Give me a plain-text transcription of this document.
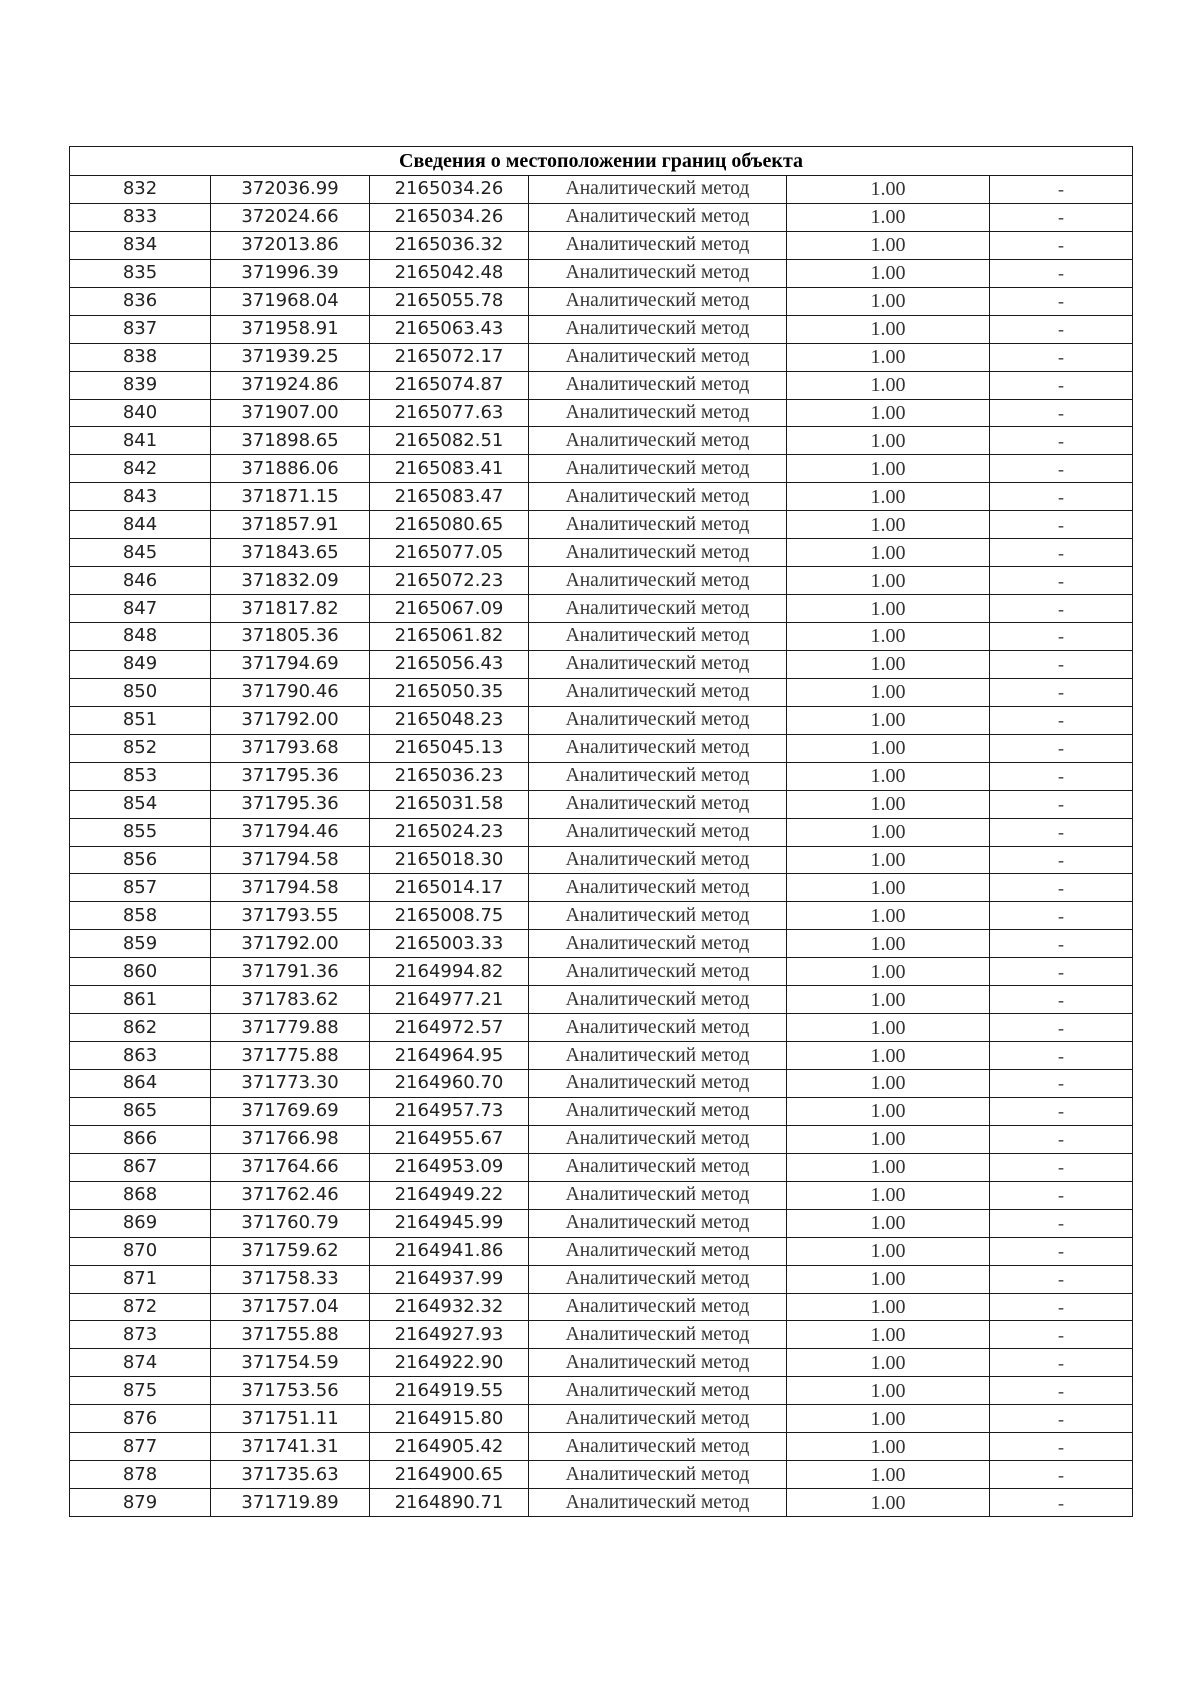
Сведения о местоположении границ объекта					
832	372036.99	2165034.26	Аналитический метод	1.00	-
833	372024.66	2165034.26	Аналитический метод	1.00	-
834	372013.86	2165036.32	Аналитический метод	1.00	-
835	371996.39	2165042.48	Аналитический метод	1.00	-
836	371968.04	2165055.78	Аналитический метод	1.00	-
837	371958.91	2165063.43	Аналитический метод	1.00	-
838	371939.25	2165072.17	Аналитический метод	1.00	-
839	371924.86	2165074.87	Аналитический метод	1.00	-
840	371907.00	2165077.63	Аналитический метод	1.00	-
841	371898.65	2165082.51	Аналитический метод	1.00	-
842	371886.06	2165083.41	Аналитический метод	1.00	-
843	371871.15	2165083.47	Аналитический метод	1.00	-
844	371857.91	2165080.65	Аналитический метод	1.00	-
845	371843.65	2165077.05	Аналитический метод	1.00	-
846	371832.09	2165072.23	Аналитический метод	1.00	-
847	371817.82	2165067.09	Аналитический метод	1.00	-
848	371805.36	2165061.82	Аналитический метод	1.00	-
849	371794.69	2165056.43	Аналитический метод	1.00	-
850	371790.46	2165050.35	Аналитический метод	1.00	-
851	371792.00	2165048.23	Аналитический метод	1.00	-
852	371793.68	2165045.13	Аналитический метод	1.00	-
853	371795.36	2165036.23	Аналитический метод	1.00	-
854	371795.36	2165031.58	Аналитический метод	1.00	-
855	371794.46	2165024.23	Аналитический метод	1.00	-
856	371794.58	2165018.30	Аналитический метод	1.00	-
857	371794.58	2165014.17	Аналитический метод	1.00	-
858	371793.55	2165008.75	Аналитический метод	1.00	-
859	371792.00	2165003.33	Аналитический метод	1.00	-
860	371791.36	2164994.82	Аналитический метод	1.00	-
861	371783.62	2164977.21	Аналитический метод	1.00	-
862	371779.88	2164972.57	Аналитический метод	1.00	-
863	371775.88	2164964.95	Аналитический метод	1.00	-
864	371773.30	2164960.70	Аналитический метод	1.00	-
865	371769.69	2164957.73	Аналитический метод	1.00	-
866	371766.98	2164955.67	Аналитический метод	1.00	-
867	371764.66	2164953.09	Аналитический метод	1.00	-
868	371762.46	2164949.22	Аналитический метод	1.00	-
869	371760.79	2164945.99	Аналитический метод	1.00	-
870	371759.62	2164941.86	Аналитический метод	1.00	-
871	371758.33	2164937.99	Аналитический метод	1.00	-
872	371757.04	2164932.32	Аналитический метод	1.00	-
873	371755.88	2164927.93	Аналитический метод	1.00	-
874	371754.59	2164922.90	Аналитический метод	1.00	-
875	371753.56	2164919.55	Аналитический метод	1.00	-
876	371751.11	2164915.80	Аналитический метод	1.00	-
877	371741.31	2164905.42	Аналитический метод	1.00	-
878	371735.63	2164900.65	Аналитический метод	1.00	-
879	371719.89	2164890.71	Аналитический метод	1.00	-
